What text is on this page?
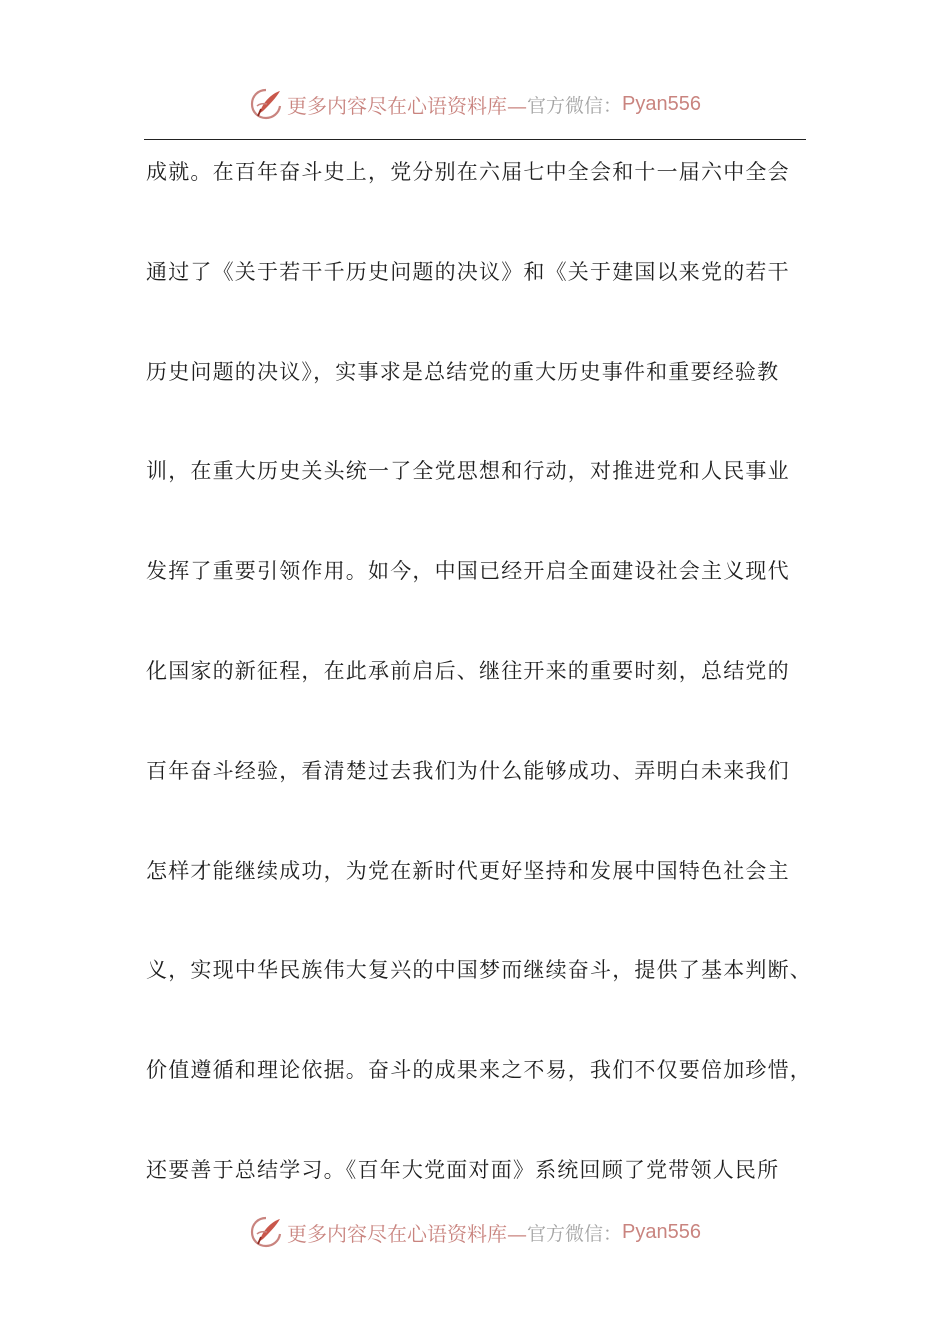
更多内容尽在心语资料库— 官方微信： Pyan556
成就。在百年奋斗史上，党分别在六届七中全会和十一届六中全会
通过了《关于若干千历史问题的决议》和《关于建国以来党的若干
历史问题的决议》，实事求是总结党的重大历史事件和重要经验教
训，在重大历史关头统一了全党思想和行动，对推进党和人民事业
发挥了重要引领作用。如今，中国已经开启全面建设社会主义现代
化国家的新征程，在此承前启后、继往开来的重要时刻，总结党的
百年奋斗经验，看清楚过去我们为什么能够成功、弄明白未来我们
怎样才能继续成功，为党在新时代更好坚持和发展中国特色社会主
义，实现中华民族伟大复兴的中国梦而继续奋斗，提供了基本判断、
价值遵循和理论依据。奋斗的成果来之不易，我们不仅要倍加珍惜，
还要善于总结学习。《百年大党面对面》系统回顾了党带领人民所
更多内容尽在心语资料库— 官方微信： Pyan556
